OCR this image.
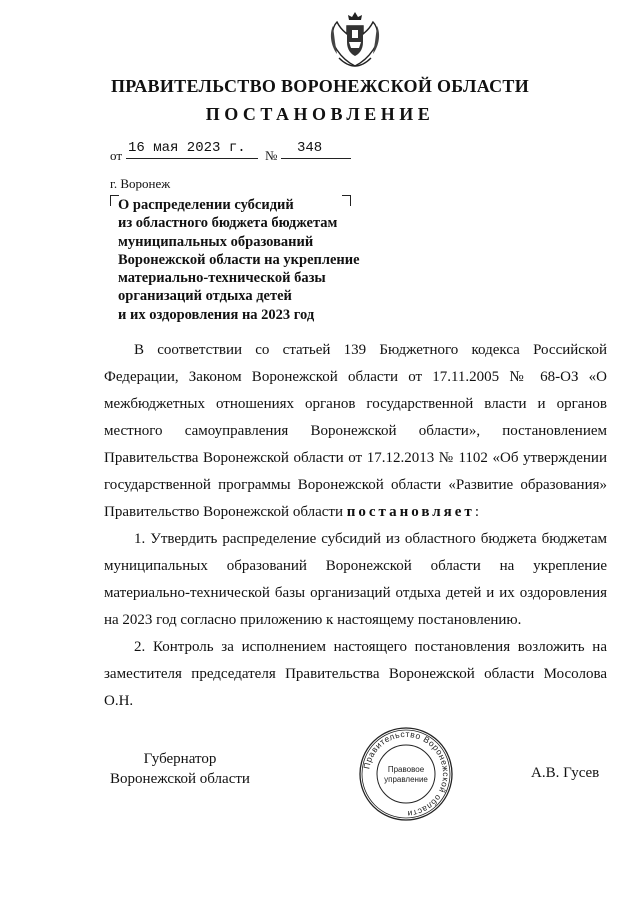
ПРАВИТЕЛЬСТВО ВОРОНЕЖСКОЙ ОБЛАСТИ
ПОСТАНОВЛЕНИЕ
от 16 мая 2023 г. № 348
г. Воронеж
О распределении субсидий
из областного бюджета бюджетам
муниципальных образований
Воронежской области на укрепление
материально-технической базы
организаций отдыха детей
и их оздоровления на 2023 год

В соответствии со статьей 139 Бюджетного кодекса Российской Федерации, Законом Воронежской области от 17.11.2005 № 68-ОЗ «О межбюджетных отношениях органов государственной власти и органов местного самоуправления Воронежской области», постановлением Правительства Воронежской области от 17.12.2013 № 1102 «Об утверждении государственной программы Воронежской области «Развитие образования» Правительство Воронежской области постановляет:

1. Утвердить распределение субсидий из областного бюджета бюджетам муниципальных образований Воронежской области на укрепление материально-технической базы организаций отдыха детей и их оздоровления на 2023 год согласно приложению к настоящему постановлению.

2. Контроль за исполнением настоящего постановления возложить на заместителя председателя Правительства Воронежской области Мосолова О.Н.

Губернатор
Воронежской области
Правительство Воронежской области
Правовое
управление	А.В. Гусев
